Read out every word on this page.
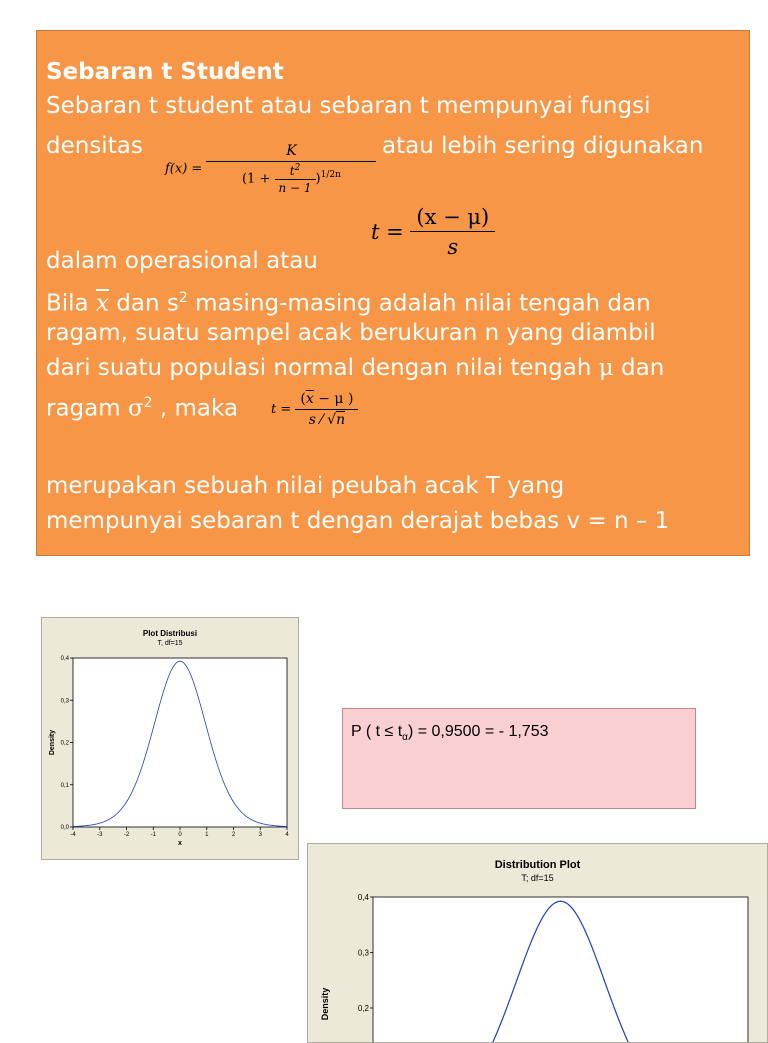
Sebaran t Student
Sebaran t student atau sebaran t mempunyai fungsi
densitas	atau lebih sering digunakan
dalam operasional atau
Bila $\overline{x}$ dan $s^2$ masing-masing adalah nilai tengah dan
ragam, suatu sampel acak berukuran n yang diambil
dari suatu populasi normal dengan nilai tengah μ dan
ragam $\sigma^2$ , maka
merupakan sebuah nilai peubah acak T yang
mempunyai sebaran t dengan derajat bebas v = n – 1
$f(x) = \frac{K}{(1 + \frac{t^2}{n - 1} )^{1/2n}}$
$t = \frac{(x - \mu)}{s}$
$t = \frac{(\overline{x} - \mu )}{s ⁄ √n}$
Plot Distribusi
T, df=15
0,0
0,1
0,2
0,3
0,4
-4	-3	-2	-1	0	1	2	3	4
x
Density	P ( $t \le t_\alpha) = 0,9500$ = - 1,753
Distribution Plot
T; df=15
0,2
0,3
0,4
Density
